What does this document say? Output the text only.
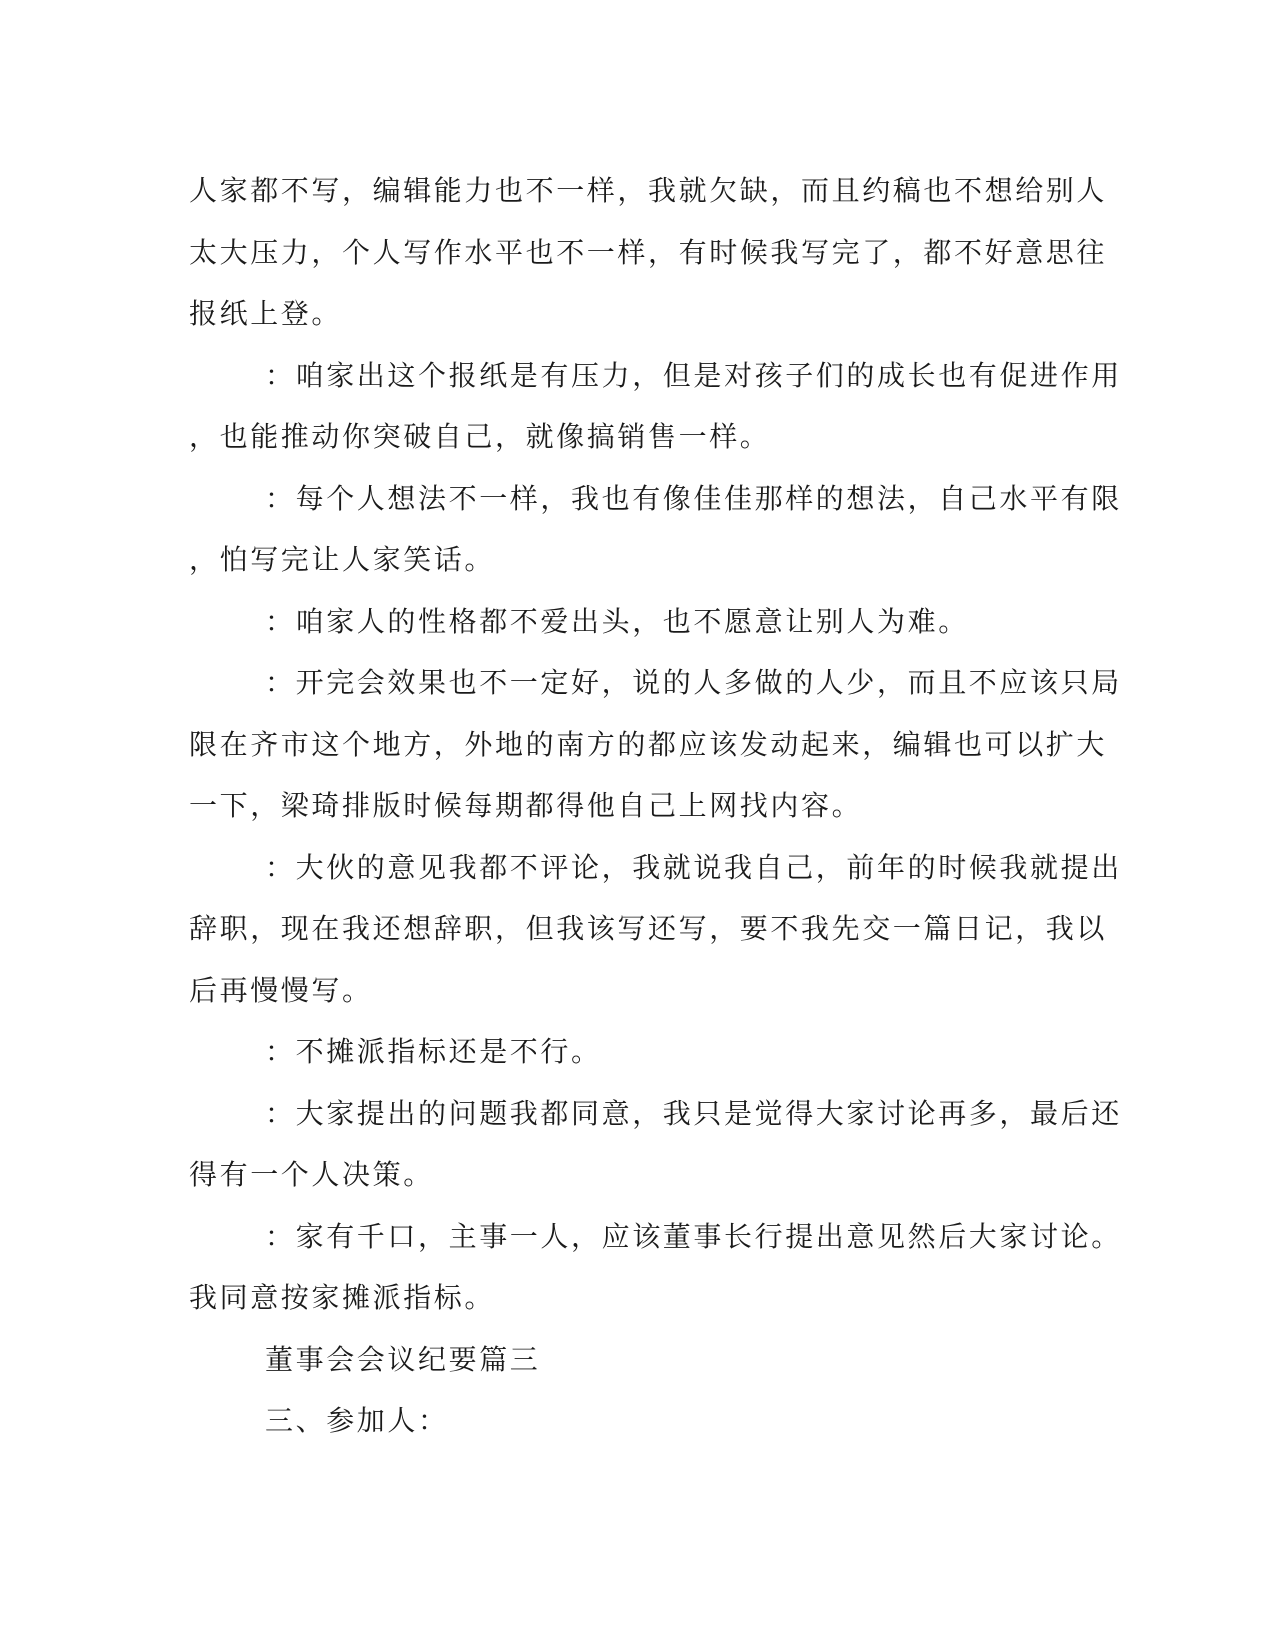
人家都不写，编辑能力也不一样，我就欠缺，而且约稿也不想给别人
太大压力，个人写作水平也不一样，有时候我写完了，都不好意思往
报纸上登。

：咱家出这个报纸是有压力，但是对孩子们的成长也有促进作用
，也能推动你突破自己，就像搞销售一样。

：每个人想法不一样，我也有像佳佳那样的想法，自己水平有限
，怕写完让人家笑话。

：咱家人的性格都不爱出头，也不愿意让别人为难。

：开完会效果也不一定好，说的人多做的人少，而且不应该只局
限在齐市这个地方，外地的南方的都应该发动起来，编辑也可以扩大
一下，梁琦排版时候每期都得他自己上网找内容。

：大伙的意见我都不评论，我就说我自己，前年的时候我就提出
辞职，现在我还想辞职，但我该写还写，要不我先交一篇日记，我以
后再慢慢写。

：不摊派指标还是不行。

：大家提出的问题我都同意，我只是觉得大家讨论再多，最后还
得有一个人决策。

：家有千口，主事一人，应该董事长行提出意见然后大家讨论。
我同意按家摊派指标。

董事会会议纪要篇三

三、参加人：
